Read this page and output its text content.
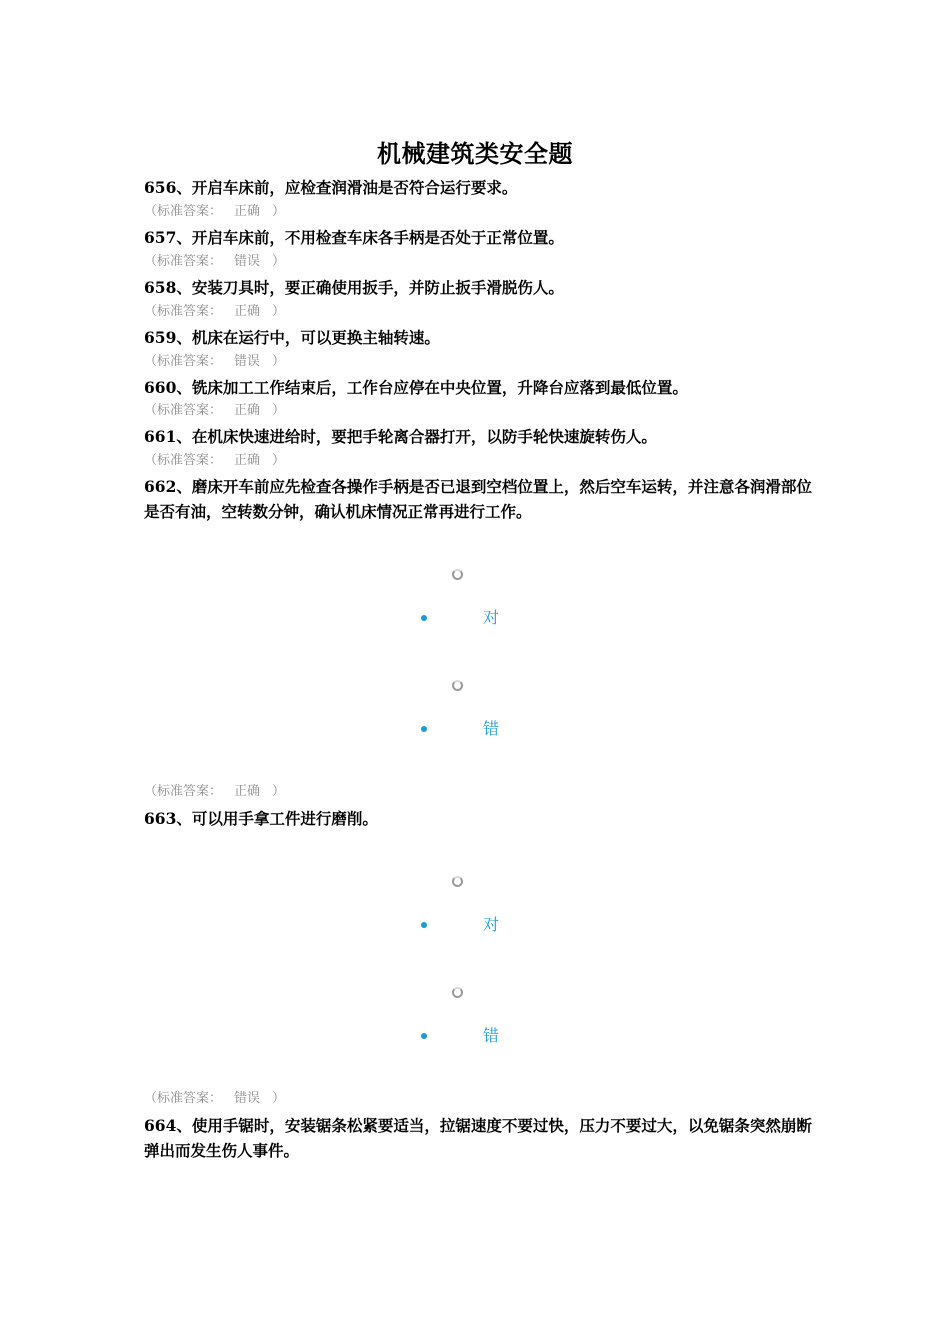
机械建筑类安全题

656、开启车床前，应检查润滑油是否符合运行要求。

（标准答案： 正确 ）

657、开启车床前，不用检查车床各手柄是否处于正常位置。

（标准答案： 错误 ）

658、安装刀具时，要正确使用扳手，并防止扳手滑脱伤人。

（标准答案： 正确 ）

659、机床在运行中，可以更换主轴转速。

（标准答案： 错误 ）

660、铣床加工工作结束后，工作台应停在中央位置，升降台应落到最低位置。

（标准答案： 正确 ）

661、在机床快速进给时，要把手轮离合器打开，以防手轮快速旋转伤人。

（标准答案： 正确 ）

662、磨床开车前应先检查各操作手柄是否已退到空档位置上，然后空车运转，并注意各润滑部位是否有油，空转数分钟，确认机床情况正常再进行工作。

对
错
（标准答案： 正确 ）

663、可以用手拿工件进行磨削。

对
错
（标准答案： 错误 ）

664、使用手锯时，安装锯条松紧要适当，拉锯速度不要过快，压力不要过大，以免锯条突然崩断弹出而发生伤人事件。
